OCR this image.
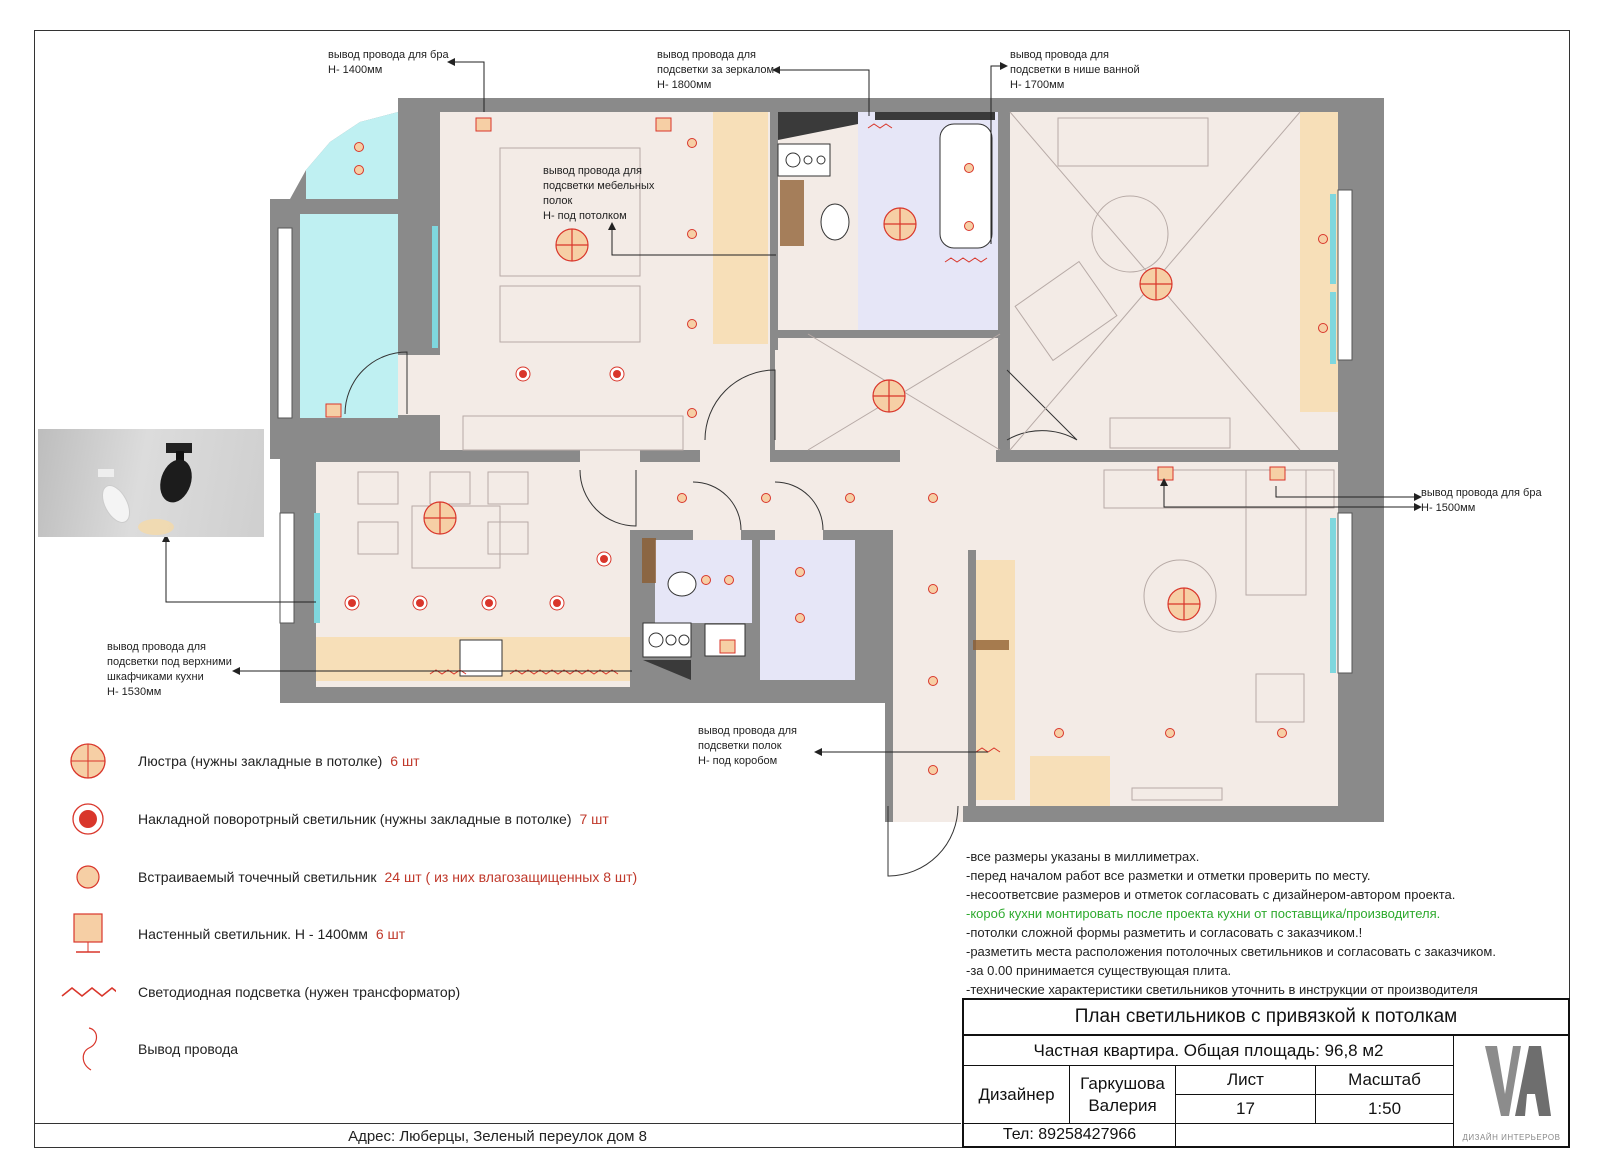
вывод провода для бра
Н- 1400мм
вывод провода для
подсветки за зеркалом
Н- 1800мм
вывод провода для
подсветки в нише ванной
Н- 1700мм
вывод провода для
подсветки мебельных
полок
Н- под потолком
вывод провода для бра
Н- 1500мм
вывод провода для
подсветки под верхними
шкафчиками кухни
Н- 1530мм
вывод провода для
подсветки полок
Н- под коробом
Люстра (нужны закладные в потолке) 6 шт
Накладной поворотрный светильник (нужны закладные в потолке) 7 шт
Встраиваемый точечный светильник 24 шт ( из них влагозащищенных 8 шт)
Настенный светильник. Н - 1400мм 6 шт
Светодиодная подсветка (нужен трансформатор)
Вывод провода
-все размеры указаны в миллиметрах.
-перед началом работ все разметки и отметки проверить по месту.
-несоответсвие размеров и отметок согласовать с дизайнером-автором проекта.
-короб кухни монтировать после проекта кухни от поставщика/производителя.
-потолки сложной формы разметить и согласовать с заказчиком.!
-разметить места расположения потолочных светильников и согласовать с заказчиком.
-за 0.00 принимается существующая плита.
-технические характеристики светильников уточнить в инструкции от производителя
План светильников с привязкой к потолкам
Частная квартира. Общая площадь: 96,8 м2
Дизайнер
Гаркушова Валерия
Лист	Масштаб
17	1:50
Тел: 89258427966	ДИЗАЙН ИНТЕРЬЕРОВ
Адрес: Люберцы, Зеленый переулок дом 8
